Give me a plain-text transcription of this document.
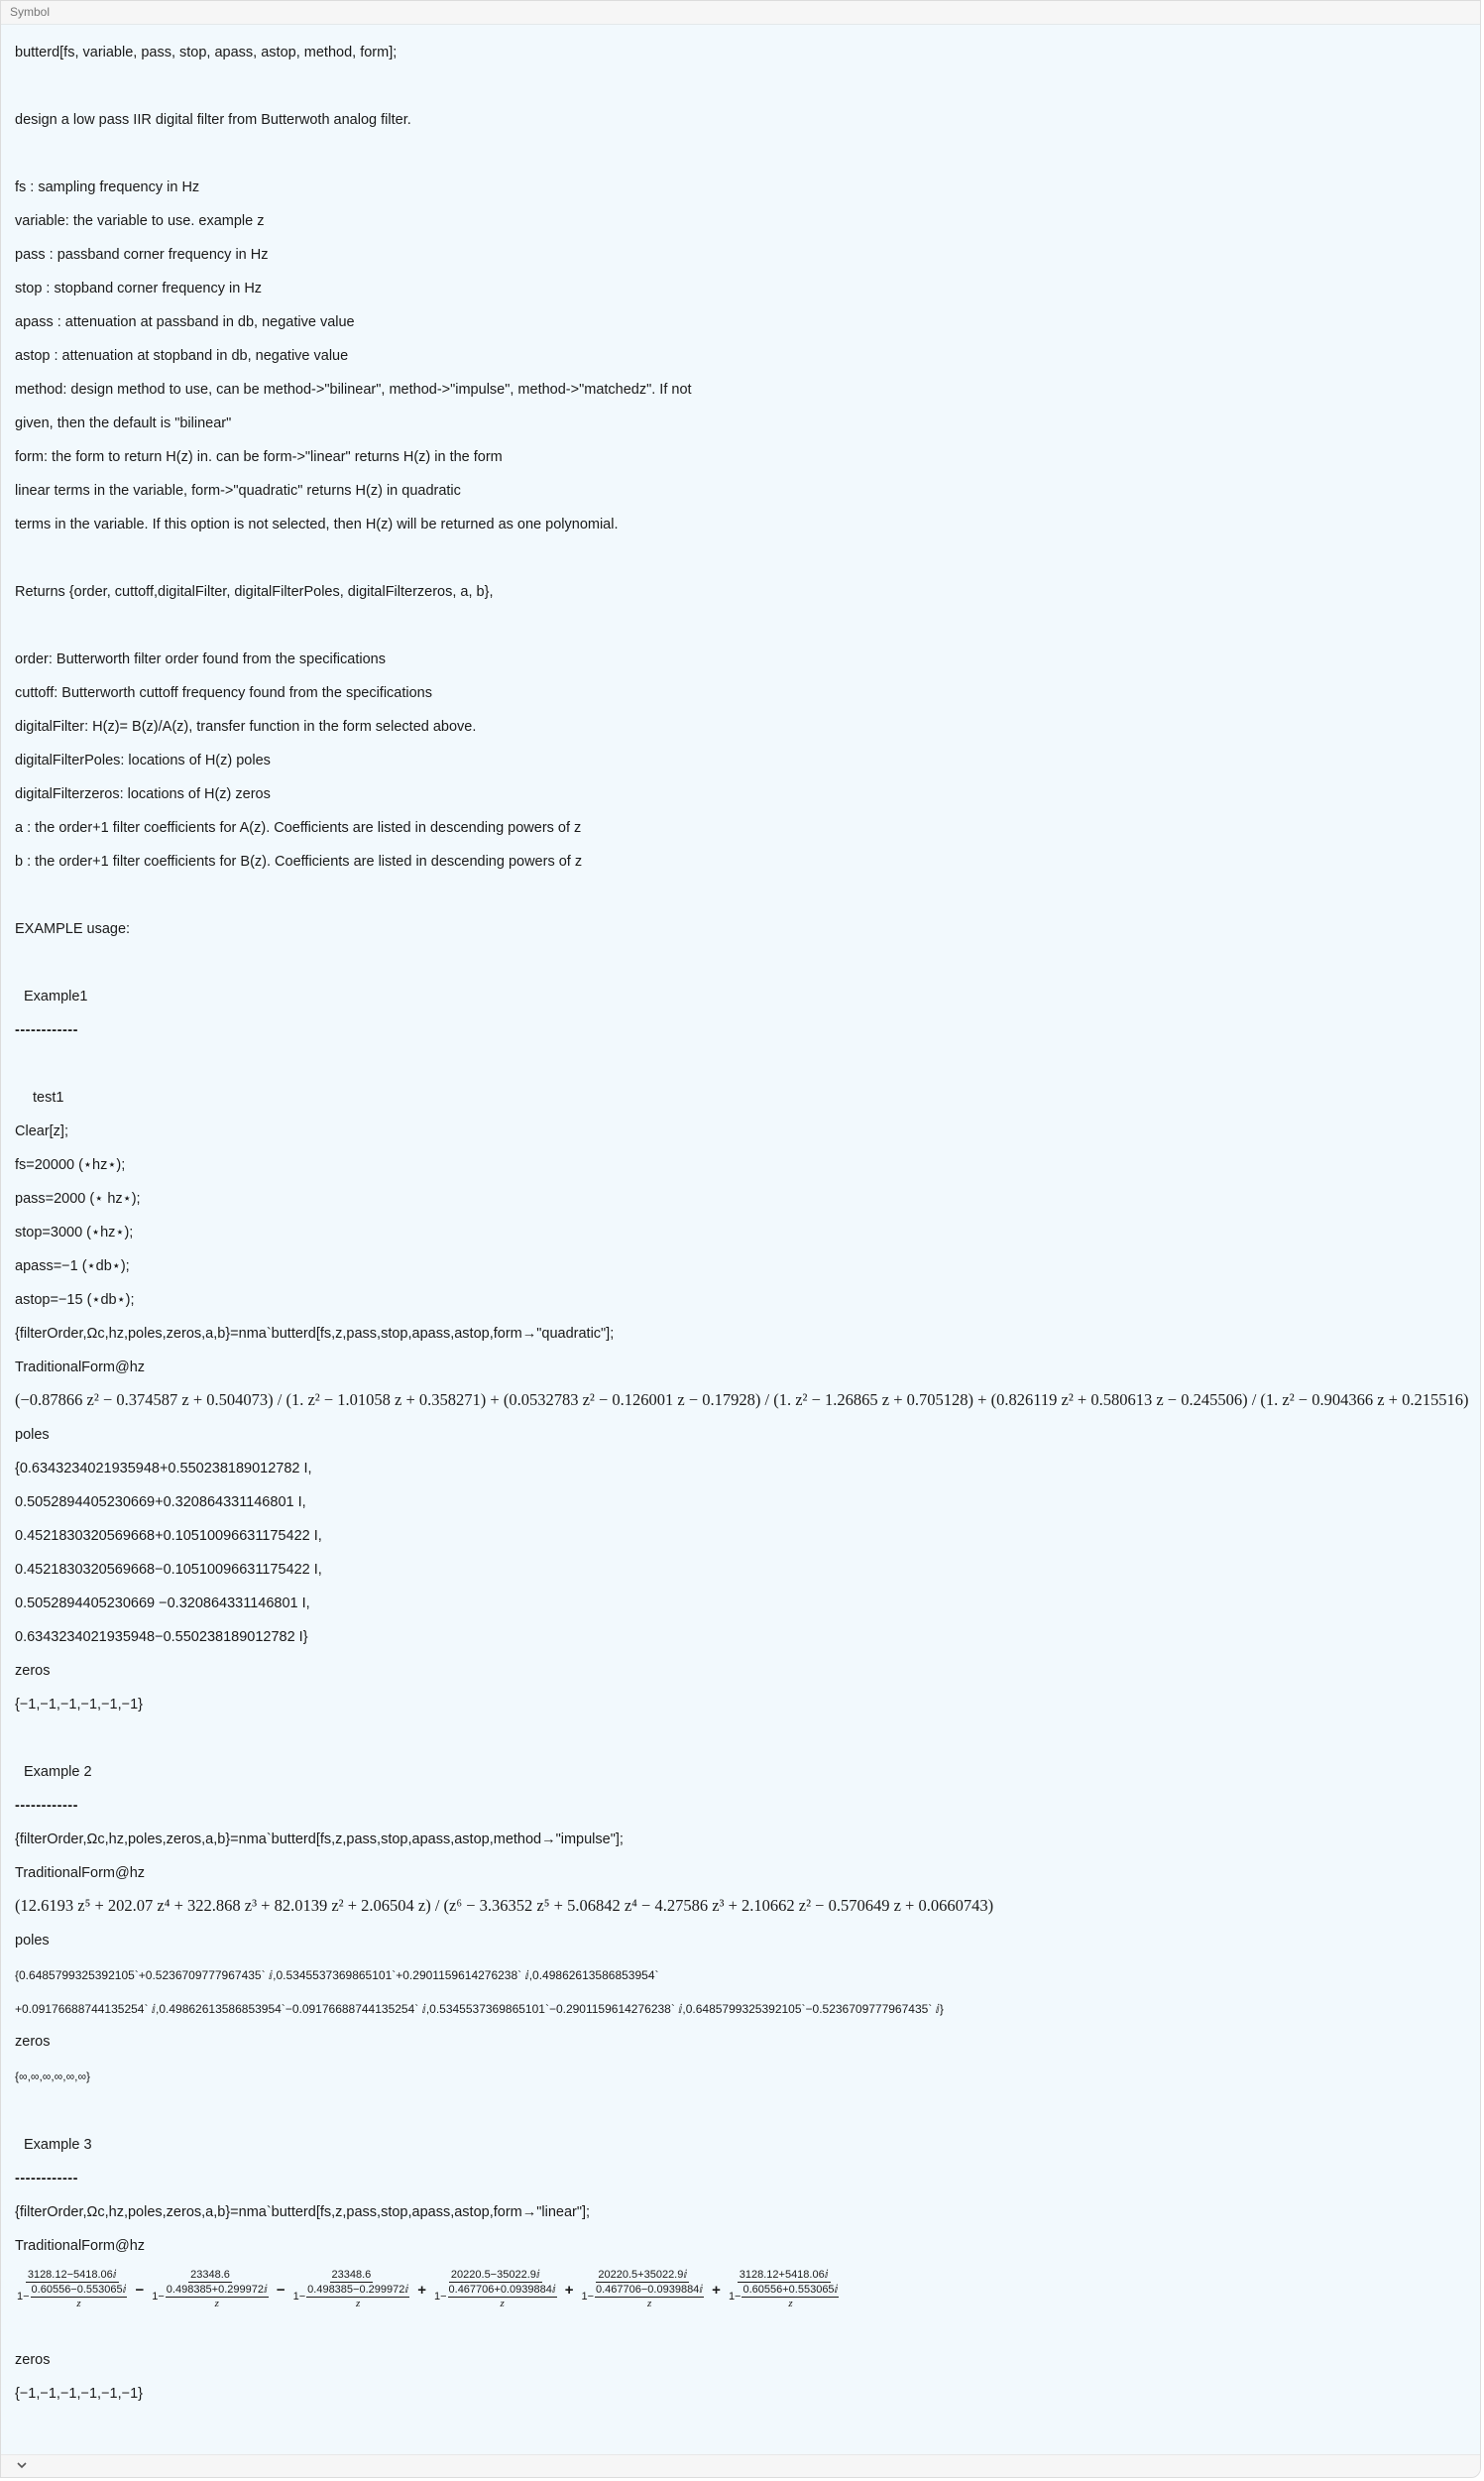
Symbol
butterd[fs, variable, pass, stop, apass, astop, method, form];
design a low pass IIR digital filter from Butterwoth analog filter.
fs : sampling frequency in Hz
variable: the variable to use. example z
pass : passband corner frequency in Hz
stop : stopband corner frequency in Hz
apass : attenuation at passband in db, negative value
astop : attenuation at stopband in db, negative value
method: design method to use, can be method->"bilinear", method->"impulse", method->"matchedz". If not
given, then the default is "bilinear"
form: the form to return H(z) in. can be form->"linear" returns H(z) in the form
linear terms in the variable, form->"quadratic" returns H(z) in quadratic
terms in the variable. If this option is not selected, then H(z) will be returned as one polynomial.
Returns {order, cuttoff,digitalFilter, digitalFilterPoles, digitalFilterzeros, a, b},
order: Butterworth filter order found from the specifications
cuttoff: Butterworth cuttoff frequency found from the specifications
digitalFilter: H(z)= B(z)/A(z), transfer function in the form selected above.
digitalFilterPoles: locations of H(z) poles
digitalFilterzeros: locations of H(z) zeros
a : the order+1 filter coefficients for A(z). Coefficients are listed in descending powers of z
b : the order+1 filter coefficients for B(z). Coefficients are listed in descending powers of z
EXAMPLE usage:
Example1
------------
test1
Clear[z];
fs=20000 (⋆hz⋆);
pass=2000 (⋆ hz⋆);
stop=3000 (⋆hz⋆);
apass=−1 (⋆db⋆);
astop=−15 (⋆db⋆);
{filterOrder,Ωc,hz,poles,zeros,a,b}=nma`butterd[fs,z,pass,stop,apass,astop,form→"quadratic"];
TraditionalForm@hz
(−0.87866 z² − 0.374587 z + 0.504073) / (1. z² − 1.01058 z + 0.358271) + (0.0532783 z² − 0.126001 z − 0.17928) / (1. z² − 1.26865 z + 0.705128) + (0.826119 z² + 0.580613 z − 0.245506) / (1. z² − 0.904366 z + 0.215516)
poles
{0.6343234021935948+0.550238189012782 I,
0.5052894405230669+0.320864331146801 I,
0.4521830320569668+0.10510096631175422 I,
0.4521830320569668−0.10510096631175422 I,
0.5052894405230669 −0.320864331146801 I,
0.6343234021935948−0.550238189012782 I}
zeros
{−1,−1,−1,−1,−1,−1}
Example 2
------------
{filterOrder,Ωc,hz,poles,zeros,a,b}=nma`butterd[fs,z,pass,stop,apass,astop,method→"impulse"];
TraditionalForm@hz
(12.6193 z⁵ + 202.07 z⁴ + 322.868 z³ + 82.0139 z² + 2.06504 z) / (z⁶ − 3.36352 z⁵ + 5.06842 z⁴ − 4.27586 z³ + 2.10662 z² − 0.570649 z + 0.0660743)
poles
{0.6485799325392105`+0.5236709777967435` ⅈ,0.5345537369865101`+0.2901159614276238` ⅈ,0.49862613586853954`
+0.09176688744135254` ⅈ,0.49862613586853954`−0.09176688744135254` ⅈ,0.5345537369865101`−0.2901159614276238` ⅈ,0.6485799325392105`−0.5236709777967435` ⅈ}
zeros
{∞,∞,∞,∞,∞,∞}
Example 3
------------
{filterOrder,Ωc,hz,poles,zeros,a,b}=nma`butterd[fs,z,pass,stop,apass,astop,form→"linear"];
TraditionalForm@hz
3128.12−5418.06ⅈ
1−
0.60556−0.553065ⅈ
z − 23348.6
1−
0.498385+0.299972ⅈ
z − 23348.6
1−
0.498385−0.299972ⅈ
z + 20220.5−35022.9ⅈ
1−
0.467706+0.0939884ⅈ
z + 20220.5+35022.9ⅈ
1−
0.467706−0.0939884ⅈ
z + 3128.12+5418.06ⅈ
1−
0.60556+0.553065ⅈ
z
zeros
{−1,−1,−1,−1,−1,−1}
